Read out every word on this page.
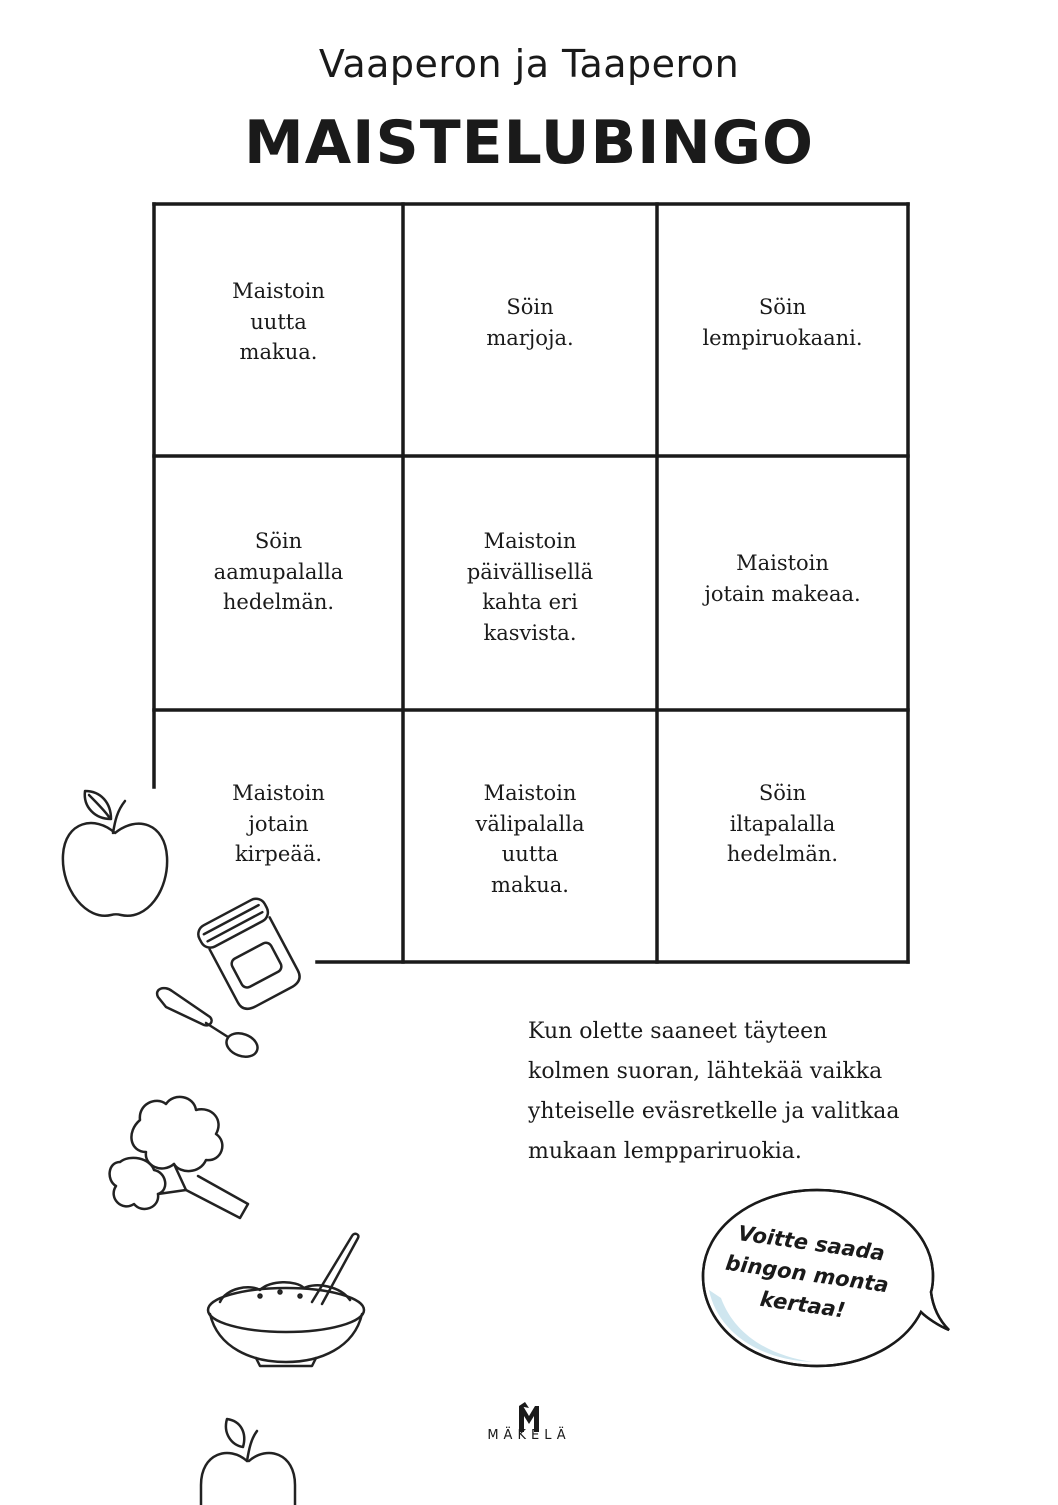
Vaaperon ja Taaperon
MAISTELUBINGO
Maistoin
uutta
makua.
Söin
marjoja.
Söin
lempiruokaani.
Söin
aamupalalla
hedelmän.
Maistoin
päivällisellä
kahta eri
kasvista.
Maistoin
jotain makeaa.
Maistoin
jotain
kirpeää.
Maistoin
välipalalla
uutta
makua.
Söin
iltapalalla
hedelmän.
Kun olette saaneet täyteen
kolmen suoran, lähtekää vaikka
yhteiselle eväsretkelle ja valitkaa
mukaan lemppariruokia.
Voitte saada
bingon monta
kertaa!
MÄKELÄ
